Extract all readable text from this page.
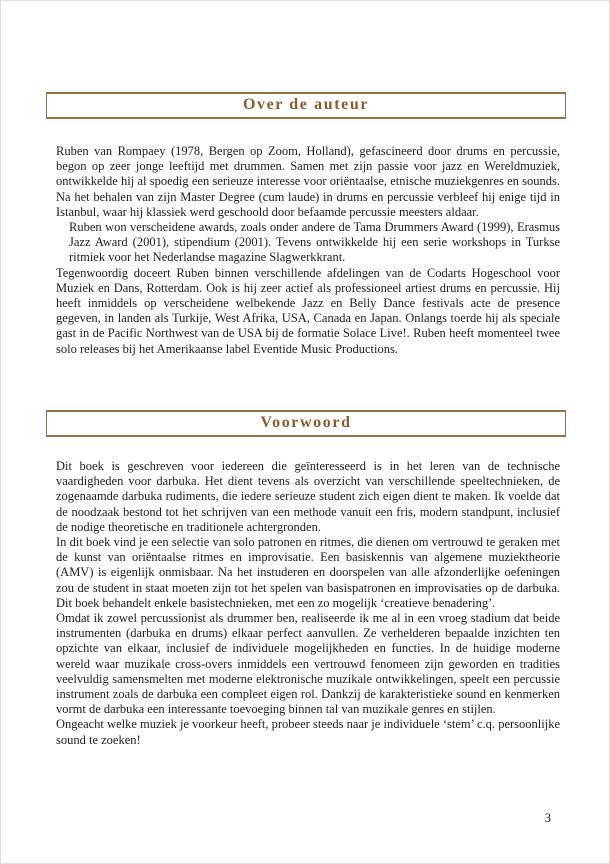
Over de auteur

Ruben van Rompaey (1978, Bergen op Zoom, Holland), gefascineerd door drums en percussie, begon op zeer jonge leeftijd met drummen. Samen met zijn passie voor jazz en Wereldmuziek, ontwikkelde hij al spoedig een serieuze interesse voor oriëntaalse, etnische muziekgenres en sounds. Na het behalen van zijn Master Degree (cum laude) in drums en percussie verbleef hij enige tijd in Istanbul, waar hij klassiek werd geschoold door befaamde percussie meesters aldaar.

Ruben won verscheidene awards, zoals onder andere de Tama Drummers Award (1999), Erasmus Jazz Award (2001), stipendium (2001). Tevens ontwikkelde hij een serie workshops in Turkse ritmiek voor het Nederlandse magazine Slagwerkkrant.

Tegenwoordig doceert Ruben binnen verschillende afdelingen van de Codarts Hogeschool voor Muziek en Dans, Rotterdam. Ook is hij zeer actief als professioneel artiest drums en percussie. Hij heeft inmiddels op verscheidene welbekende Jazz en Belly Dance festivals acte de presence gegeven, in landen als Turkije, West Afrika, USA, Canada en Japan. Onlangs toerde hij als speciale gast in de Pacific Northwest van de USA bij de formatie Solace Live!. Ruben heeft momenteel twee solo releases bij het Amerikaanse label Eventide Music Productions.

Voorwoord

Dit boek is geschreven voor iedereen die geïnteresseerd is in het leren van de technische vaardigheden voor darbuka. Het dient tevens als overzicht van verschillende speeltechnieken, de zogenaamde darbuka rudiments, die iedere serieuze student zich eigen dient te maken. Ik voelde dat de noodzaak bestond tot het schrijven van een methode vanuit een fris, modern standpunt, inclusief de nodige theoretische en traditionele achtergronden.

In dit boek vind je een selectie van solo patronen en ritmes, die dienen om vertrouwd te geraken met de kunst van oriëntaalse ritmes en improvisatie. Een basiskennis van algemene muziektheorie (AMV) is eigenlijk onmisbaar. Na het instuderen en doorspelen van alle afzonderlijke oefeningen zou de student in staat moeten zijn tot het spelen van basispatronen en improvisaties op de darbuka. Dit boek behandelt enkele basistechnieken, met een zo mogelijk ‘creatieve benadering’.

Omdat ik zowel percussionist als drummer ben, realiseerde ik me al in een vroeg stadium dat beide instrumenten (darbuka en drums) elkaar perfect aanvullen. Ze verhelderen bepaalde inzichten ten opzichte van elkaar, inclusief de individuele mogelijkheden en functies. In de huidige moderne wereld waar muzikale cross-overs inmiddels een vertrouwd fenomeen zijn geworden en tradities veelvuldig samensmelten met moderne elektronische muzikale ontwikkelingen, speelt een percussie instrument zoals de darbuka een compleet eigen rol. Dankzij de karakteristieke sound en kenmerken vormt de darbuka een interessante toevoeging binnen tal van muzikale genres en stijlen.

Ongeacht welke muziek je voorkeur heeft, probeer steeds naar je individuele ‘stem’ c.q. persoonlijke sound te zoeken!

3
